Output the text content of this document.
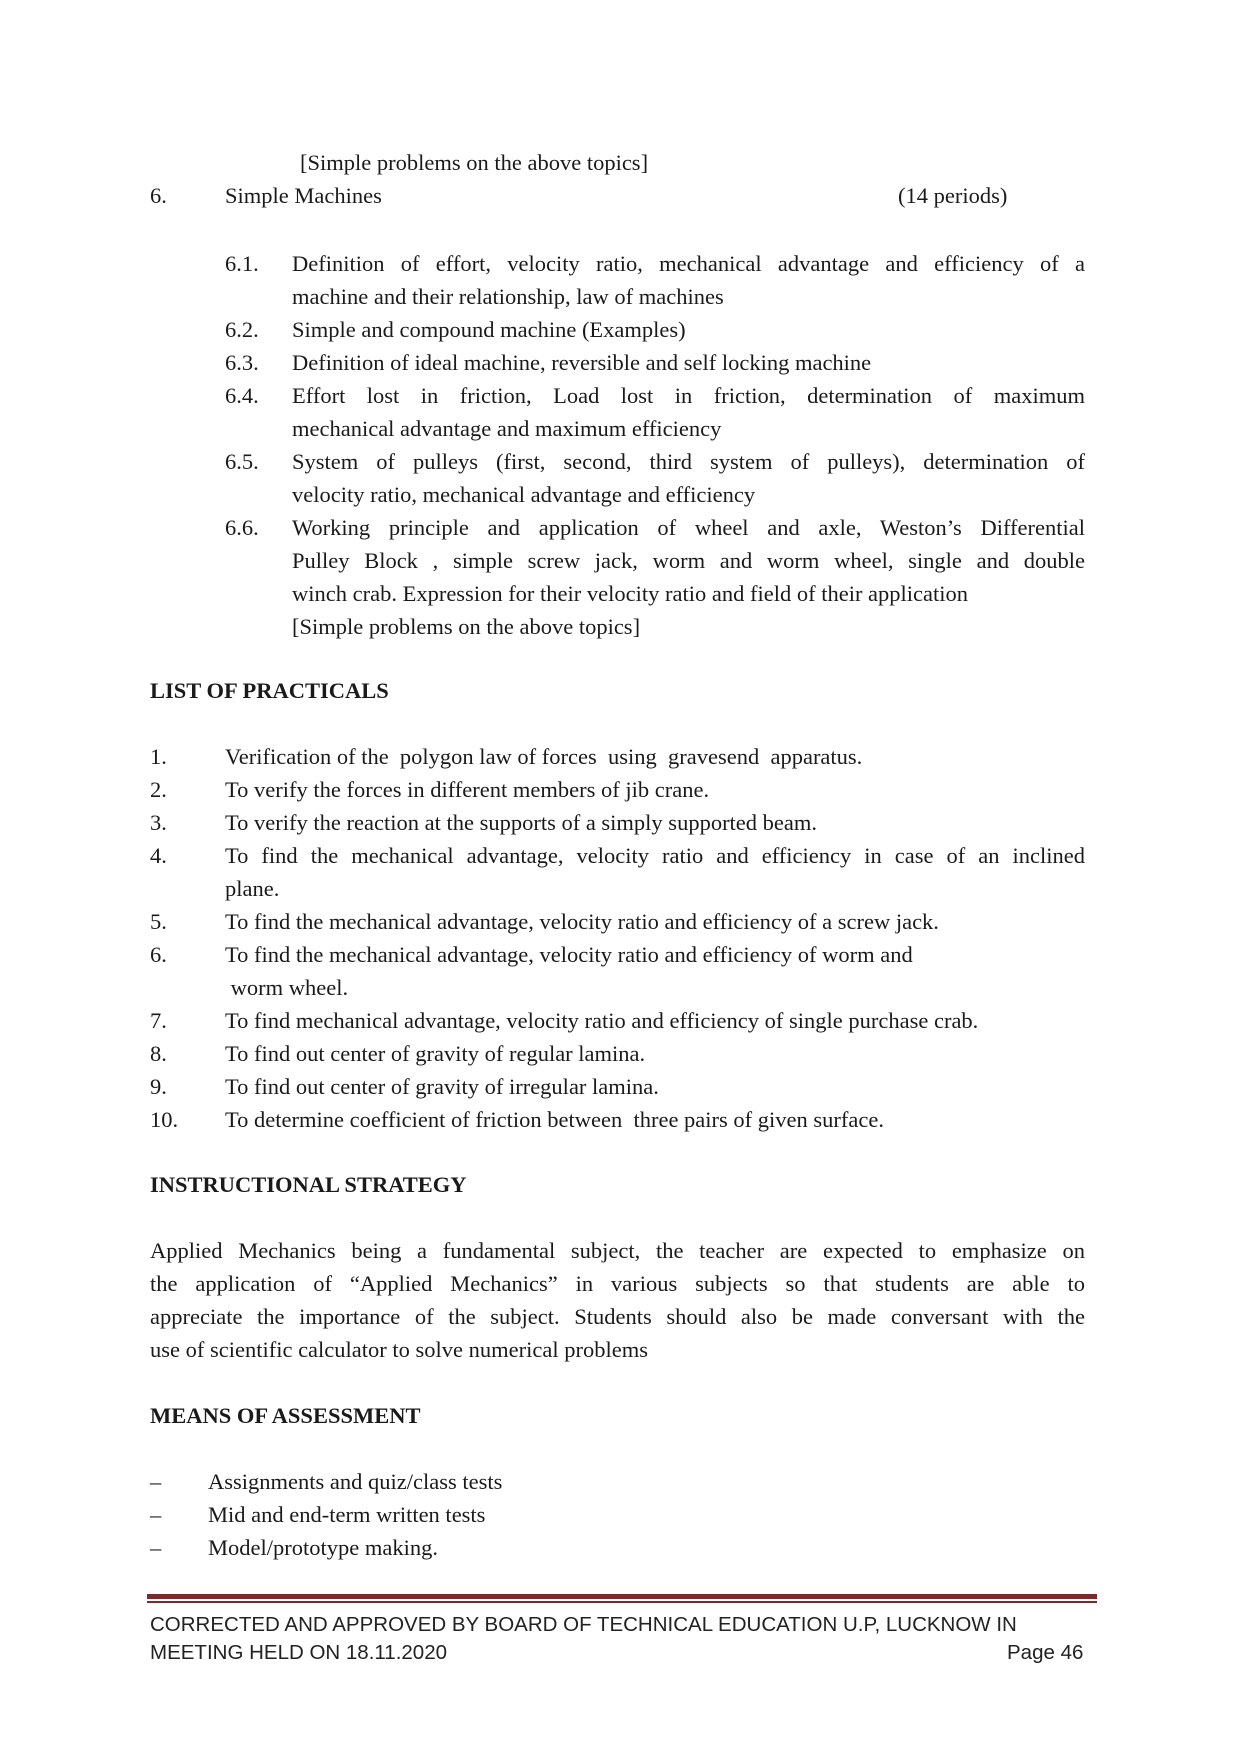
[Simple problems on the above topics]
6.	Simple Machines	(14 periods)
6.1. Definition of effort, velocity ratio, mechanical advantage and efficiency of a
machine and their relationship, law of machines
6.2. Simple and compound machine (Examples)
6.3. Definition of ideal machine, reversible and self locking machine
6.4. Effort lost in friction, Load lost in friction, determination of maximum
mechanical advantage and maximum efficiency
6.5. System of pulleys (first, second, third system of pulleys), determination of
velocity ratio, mechanical advantage and efficiency
6.6. Working principle and application of wheel and axle, Weston’s Differential
Pulley Block , simple screw jack, worm and worm wheel, single and double
winch crab. Expression for their velocity ratio and field of their application
[Simple problems on the above topics]
LIST OF PRACTICALS
1.	Verification of the  polygon law of forces  using  gravesend  apparatus.
2.	To verify the forces in different members of jib crane.
3.	To verify the reaction at the supports of a simply supported beam.
4.	To find the mechanical advantage, velocity ratio and efficiency in case of an inclined
plane.
5.	To find the mechanical advantage, velocity ratio and efficiency of a screw jack.
6.	To find the mechanical advantage, velocity ratio and efficiency of worm and
worm wheel.
7.	To find mechanical advantage, velocity ratio and efficiency of single purchase crab.
8.	To find out center of gravity of regular lamina.
9.	To find out center of gravity of irregular lamina.
10. To determine coefficient of friction between  three pairs of given surface.
INSTRUCTIONAL STRATEGY
Applied Mechanics being a fundamental subject, the teacher are expected to emphasize on
the application of “Applied Mechanics” in various subjects so that students are able to
appreciate the importance of the subject. Students should also be made conversant with the
use of scientific calculator to solve numerical problems
MEANS OF ASSESSMENT
– Assignments and quiz/class tests
– Mid and end-term written tests
– Model/prototype making.
CORRECTED AND APPROVED BY BOARD OF TECHNICAL EDUCATION U.P, LUCKNOW IN
MEETING HELD ON 18.11.2020	Page 46
